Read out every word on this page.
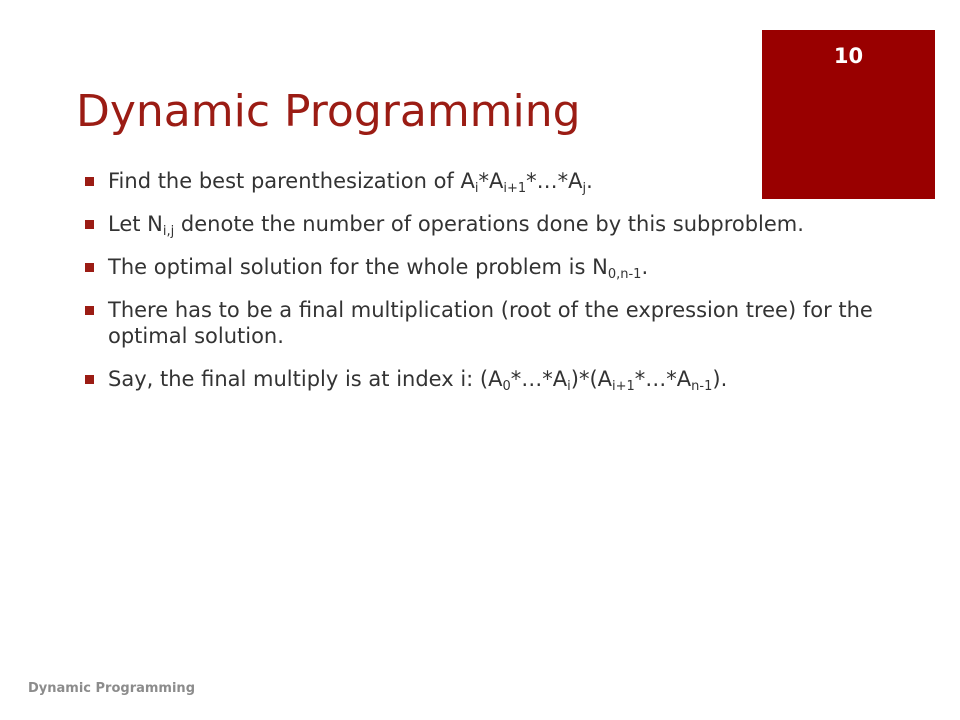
10
Dynamic Programming
Find the best parenthesization of $A_i*A_{i+1}*\dots*A_j$.
Let $N_{i,j}$ denote the number of operations done by this subproblem.
The optimal solution for the whole problem is $N_{0,n-1}$.
There has to be a final multiplication (root of the expression tree) for the optimal solution.
Say, the final multiply is at index i: $(A_0*\dots*A_i)*(A_{i+1}*\dots*A_{n-1})$.
Dynamic Programming
